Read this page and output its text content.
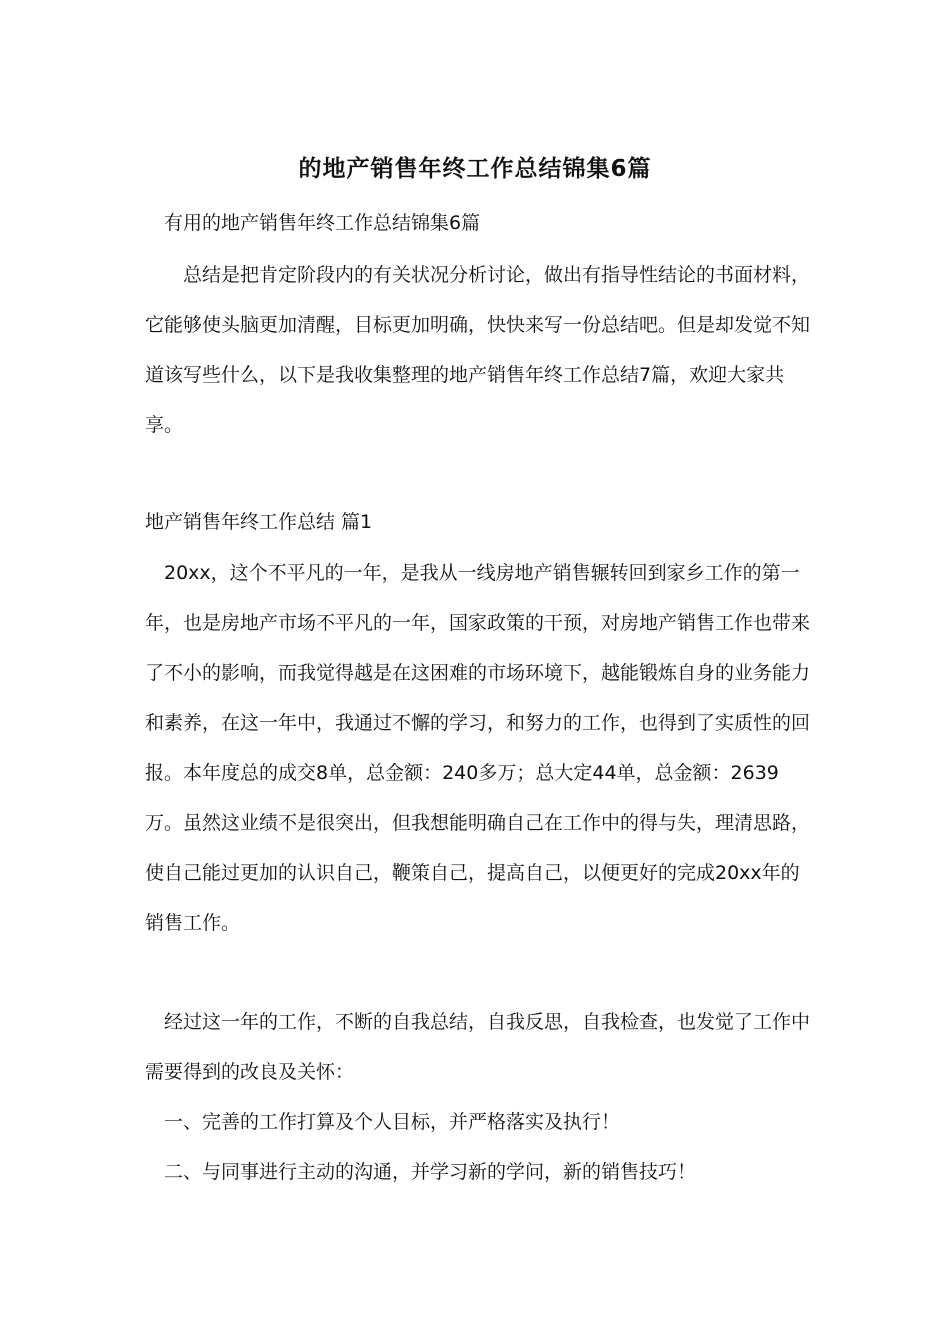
的地产销售年终工作总结锦集6篇

有用的地产销售年终工作总结锦集6篇

总结是把肯定阶段内的有关状况分析讨论，做出有指导性结论的书面材料，它能够使头脑更加清醒，目标更加明确，快快来写一份总结吧。但是却发觉不知道该写些什么，以下是我收集整理的地产销售年终工作总结7篇，欢迎大家共享。

地产销售年终工作总结 篇1

20xx，这个不平凡的一年，是我从一线房地产销售辗转回到家乡工作的第一年，也是房地产市场不平凡的一年，国家政策的干预，对房地产销售工作也带来了不小的影响，而我觉得越是在这困难的市场环境下，越能锻炼自身的业务能力和素养，在这一年中，我通过不懈的学习，和努力的工作，也得到了实质性的回报。本年度总的成交8单，总金额：240多万；总大定44单，总金额：2639万。虽然这业绩不是很突出，但我想能明确自己在工作中的得与失，理清思路，使自己能过更加的认识自己，鞭策自己，提高自己，以便更好的完成20xx年的销售工作。

经过这一年的工作，不断的自我总结，自我反思，自我检查，也发觉了工作中需要得到的改良及关怀：

一、完善的工作打算及个人目标，并严格落实及执行！

二、与同事进行主动的沟通，并学习新的学问，新的销售技巧！
